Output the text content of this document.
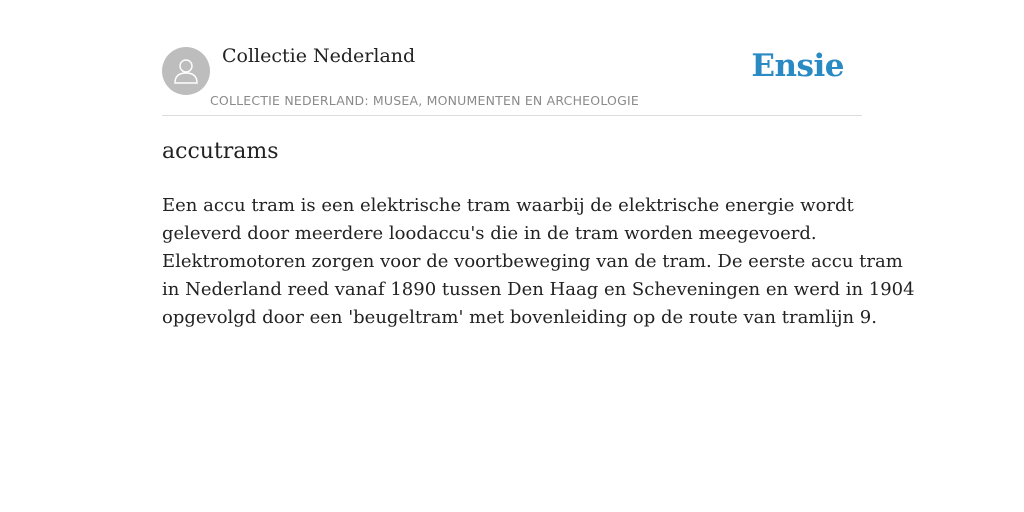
Collectie Nederland
COLLECTIE NEDERLAND: MUSEA, MONUMENTEN EN ARCHEOLOGIE
Ensie
accutrams

Een accu tram is een elektrische tram waarbij de elektrische energie wordt
geleverd door meerdere loodaccu's die in de tram worden meegevoerd.
Elektromotoren zorgen voor de voortbeweging van de tram. De eerste accu tram
in Nederland reed vanaf 1890 tussen Den Haag en Scheveningen en werd in 1904
opgevolgd door een 'beugeltram' met bovenleiding op de route van tramlijn 9.
